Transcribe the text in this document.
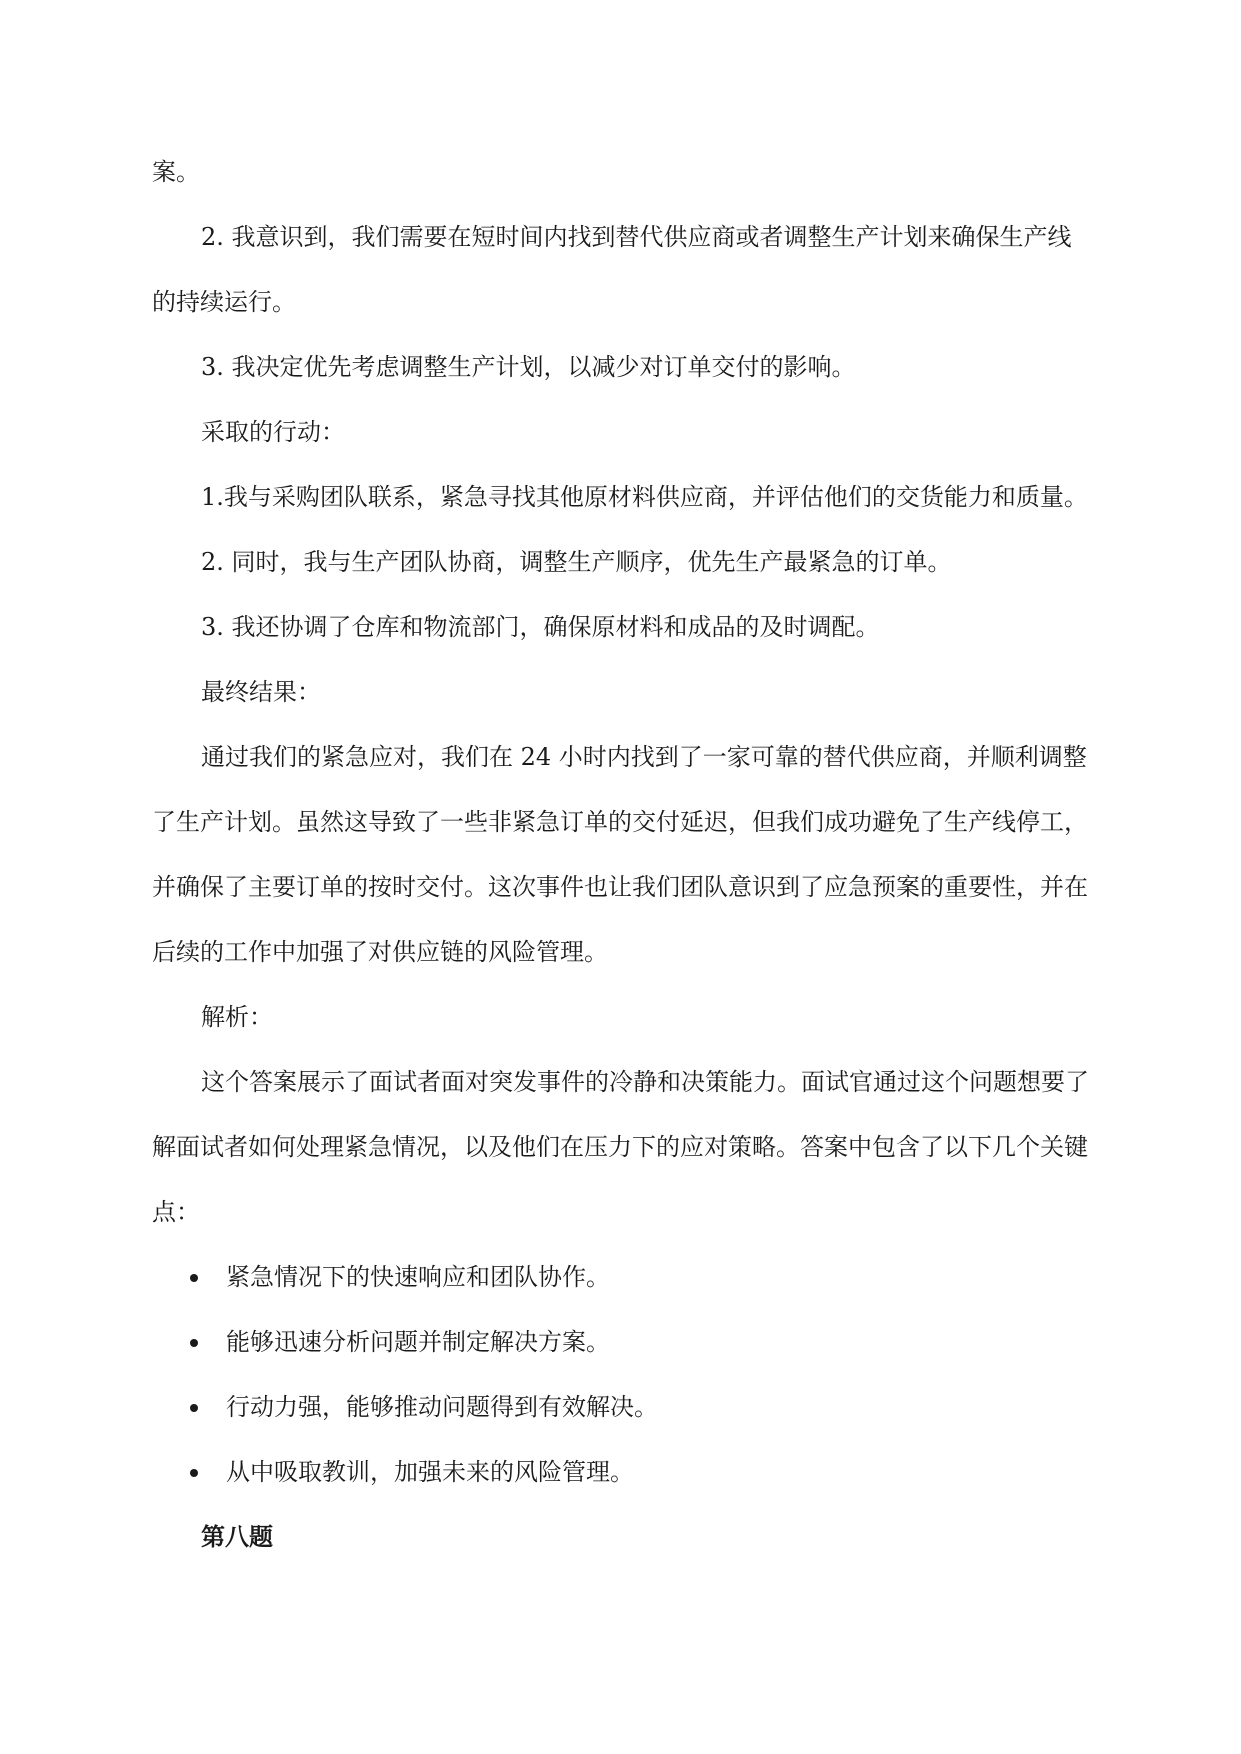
案。

2. 我意识到，我们需要在短时间内找到替代供应商或者调整生产计划来确保生产线的持续运行。

3. 我决定优先考虑调整生产计划，以减少对订单交付的影响。

采取的行动：

1.我与采购团队联系，紧急寻找其他原材料供应商，并评估他们的交货能力和质量。

2. 同时，我与生产团队协商，调整生产顺序，优先生产最紧急的订单。

3. 我还协调了仓库和物流部门，确保原材料和成品的及时调配。

最终结果：

通过我们的紧急应对，我们在 24 小时内找到了一家可靠的替代供应商，并顺利调整了生产计划。虽然这导致了一些非紧急订单的交付延迟，但我们成功避免了生产线停工，并确保了主要订单的按时交付。这次事件也让我们团队意识到了应急预案的重要性，并在后续的工作中加强了对供应链的风险管理。

解析：

这个答案展示了面试者面对突发事件的冷静和决策能力。面试官通过这个问题想要了解面试者如何处理紧急情况，以及他们在压力下的应对策略。答案中包含了以下几个关键点：

紧急情况下的快速响应和团队协作。
能够迅速分析问题并制定解决方案。
行动力强，能够推动问题得到有效解决。
从中吸取教训，加强未来的风险管理。

第八题
